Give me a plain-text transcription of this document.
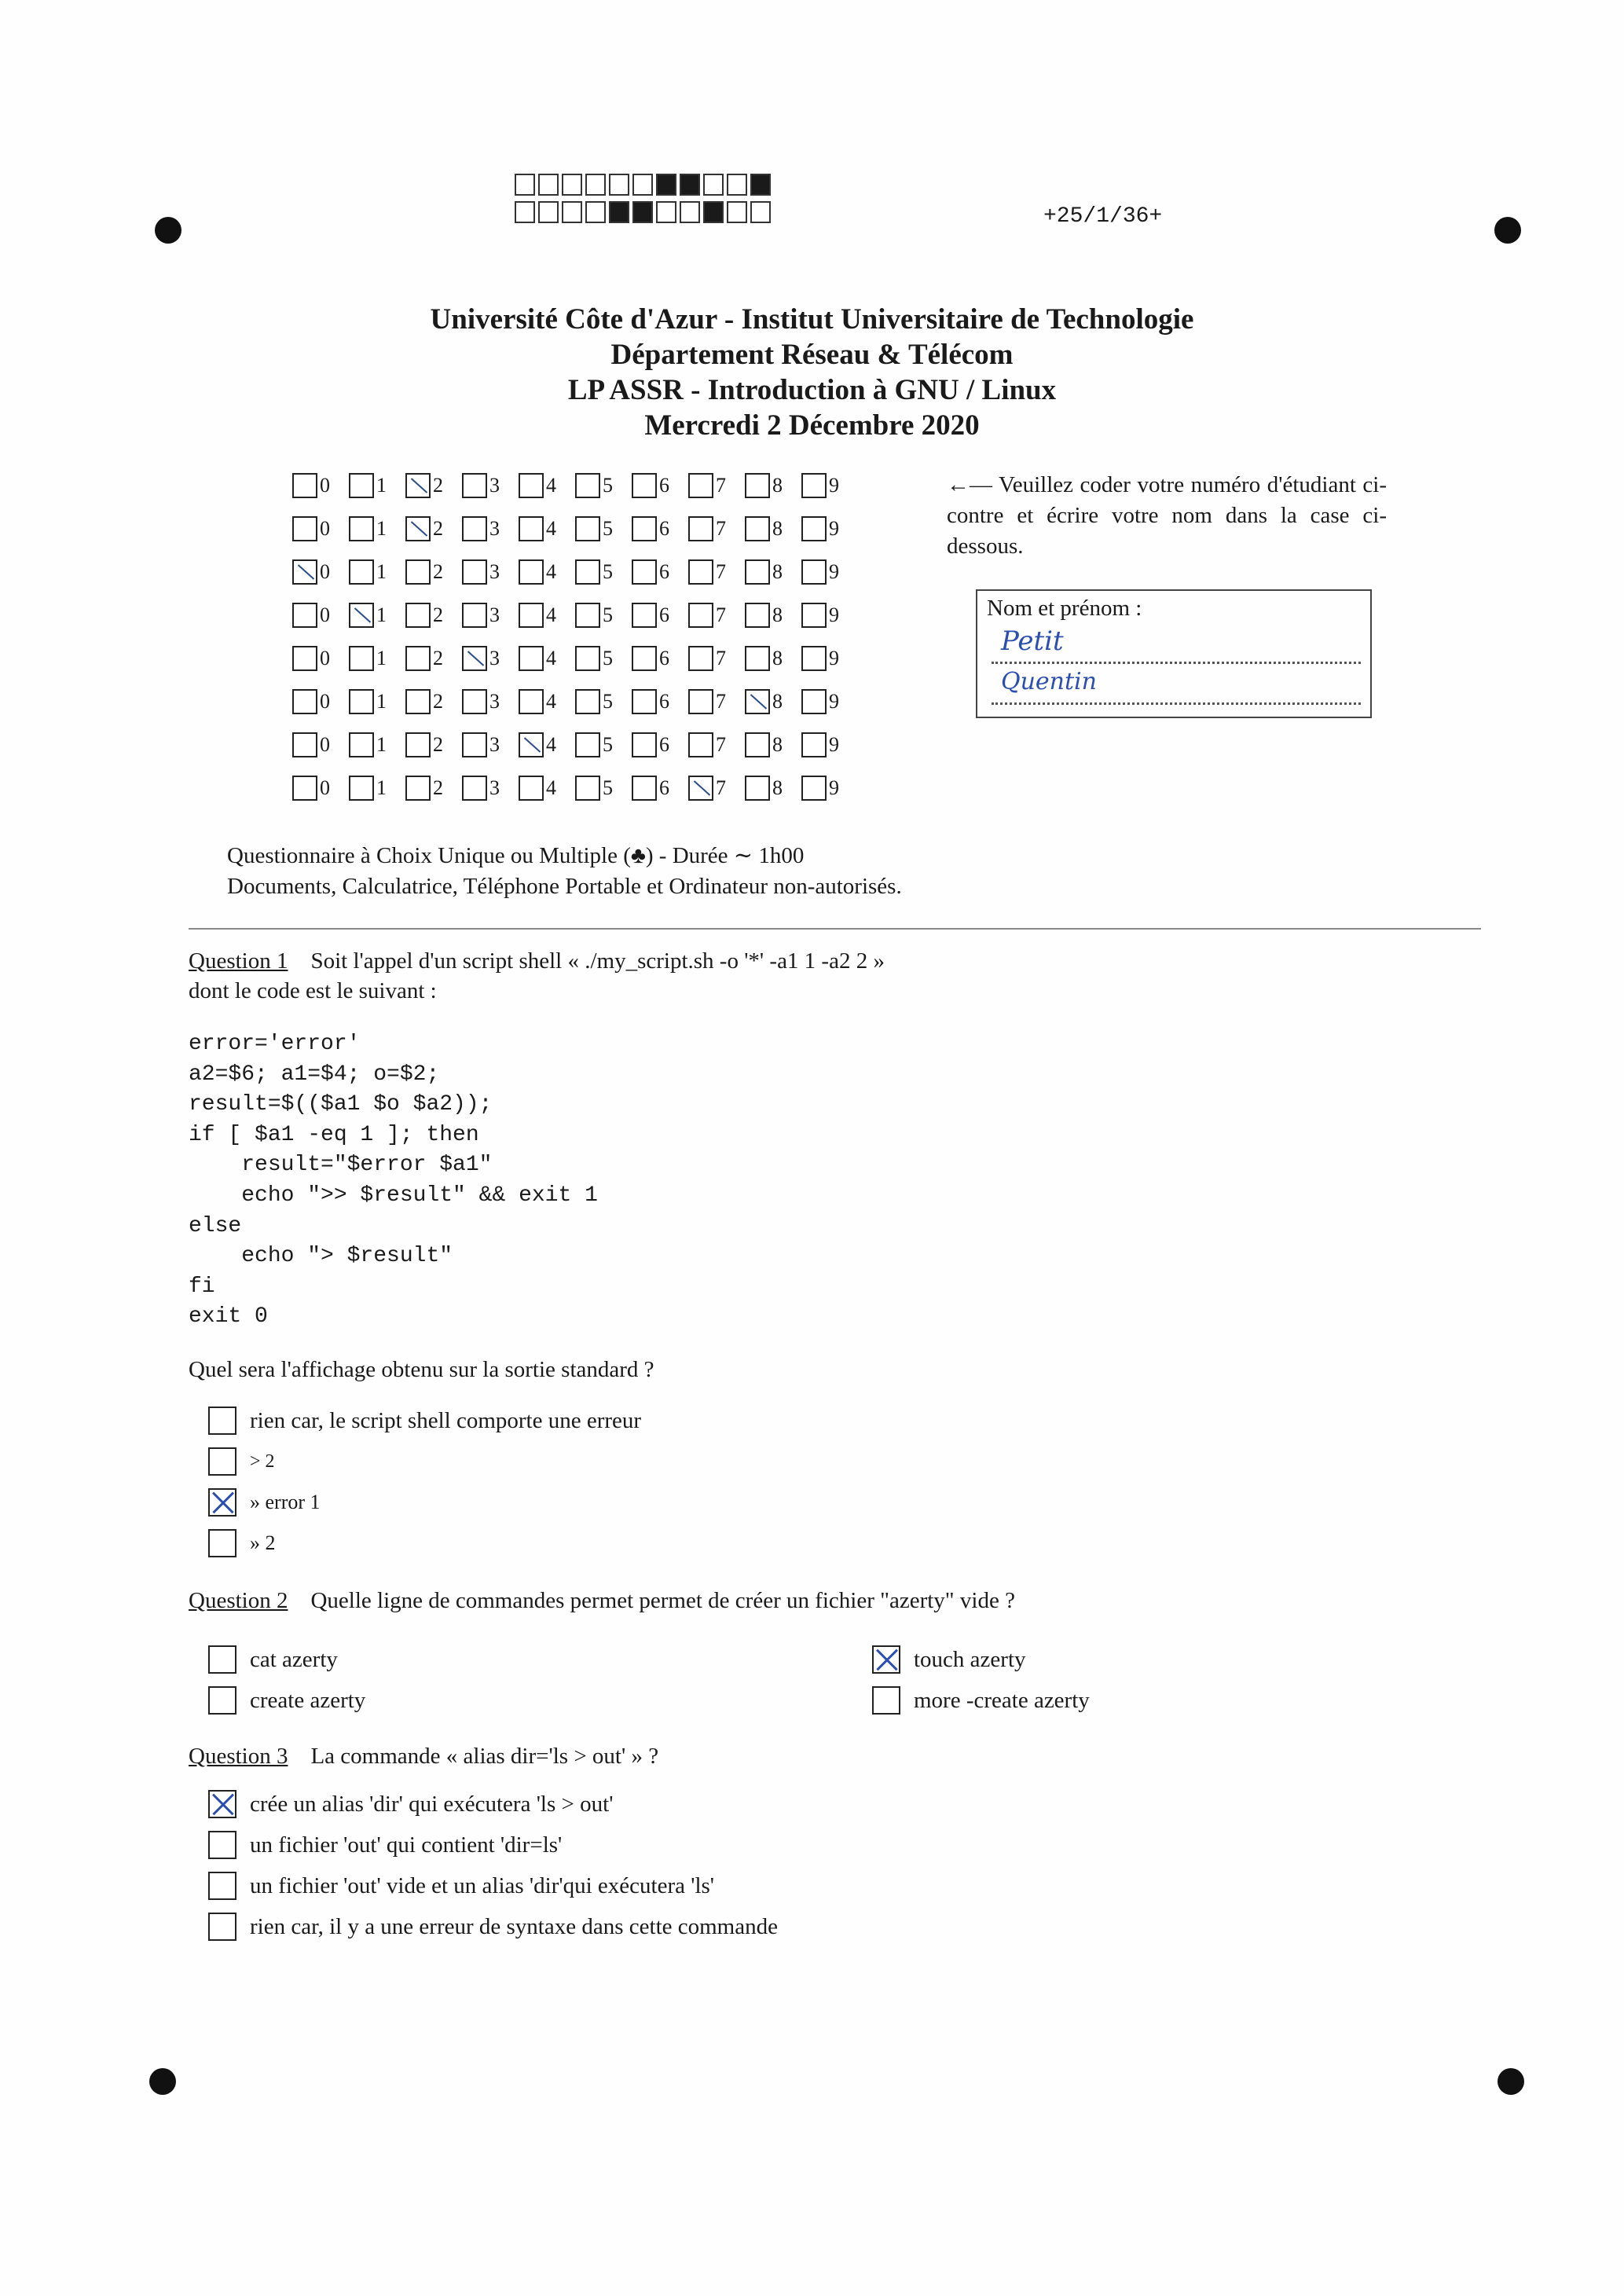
+25/1/36+
Université Côte d'Azur - Institut Universitaire de Technologie
Département Réseau & Télécom
LP ASSR - Introduction à GNU / Linux
Mercredi 2 Décembre 2020
0 1 2 3 4 5 6 7 8 9
0 1 2 3 4 5 6 7 8 9
0 1 2 3 4 5 6 7 8 9
0 1 2 3 4 5 6 7 8 9
0 1 2 3 4 5 6 7 8 9
0 1 2 3 4 5 6 7 8 9
0 1 2 3 4 5 6 7 8 9
0 1 2 3 4 5 6 7 8 9
←— Veuillez coder votre numéro d'étudiant ci-contre et écrire votre nom dans la case ci-dessous.
Nom et prénom :
Petit
Quentin
Questionnaire à Choix Unique ou Multiple (♣) - Durée ∼ 1h00
Documents, Calculatrice, Téléphone Portable et Ordinateur non-autorisés.
Question 1 Soit l'appel d'un script shell « ./my_script.sh -o '*' -a1 1 -a2 2 »
dont le code est le suivant :
error='error'
a2=$6; a1=$4; o=$2;
result=$(($a1 $o $a2));
if [ $a1 -eq 1 ]; then
result="$error $a1"
echo ">> $result" && exit 1
else
echo "> $result"
fi
exit 0
Quel sera l'affichage obtenu sur la sortie standard ?
rien car, le script shell comporte une erreur
> 2
» error 1
» 2
Question 2 Quelle ligne de commandes permet permet de créer un fichier "azerty" vide ?
cat azerty
create azerty
touch azerty
more -create azerty
Question 3 La commande « alias dir='ls > out' » ?
crée un alias 'dir' qui exécutera 'ls > out'
un fichier 'out' qui contient 'dir=ls'
un fichier 'out' vide et un alias 'dir'qui exécutera 'ls'
rien car, il y a une erreur de syntaxe dans cette commande
